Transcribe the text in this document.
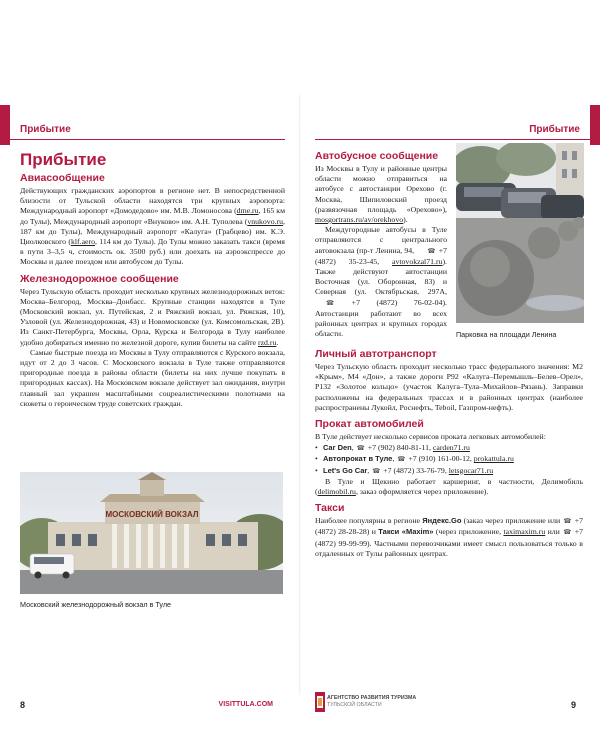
Прибытие
Прибытие
Авиасообщение

Действующих гражданских аэропортов в регионе нет. В непосредственной близости от Тульской области находятся три крупных аэропорта: Международный аэропорт «Домодедово» им. М.В. Ломоносова (dme.ru, 165 км до Тулы), Международный аэропорт «Внуково» им. А.Н. Туполева (vnukovo.ru, 187 км до Тулы), Международный аэропорт «Калуга» (Грабцево) им. К.Э. Циолковского (klf.aero, 114 км до Тулы). До Тулы можно заказать такси (время в пути 3–3,5 ч, стоимость ок. 3500 руб.) или доехать на аэроэкспрессе до Москвы и далее поездом или автобусом до Тулы.

Железнодорожное сообщение

Через Тульскую область проходит несколько крупных железнодорожных веток: Москва–Белгород, Москва–Донбасс. Крупные станции находятся в Туле (Московский вокзал, ул. Путейская, 2 и Ряжский вокзал, ул. Ряжская, 10), Узловой (ул. Железнодорожная, 43) и Новомосковске (ул. Комсомольская, 2В). Из Санкт-Петербурга, Москвы, Орла, Курска и Белгорода в Тулу наиболее удобно добираться именно по железной дороге, купив билеты на сайте rzd.ru.

Самые быстрые поезда из Москвы в Тулу отправляются с Курского вокзала, идут от 2 до 3 часов. С Московского вокзала в Туле также отправляются пригородные поезда в районы области (билеты на них лучше покупать в пригородных кассах). На Московском вокзале действует зал ожидания, внутри главный зал украшен масштабными соцреалистическими полотнами на сюжеты о героическом труде советских граждан.

МОСКОВСКИЙ ВОКЗАЛ
Московский железнодорожный вокзал в Туле
8	VISITTULA.COM
Прибытие
Автобусное сообщение

Из Москвы в Тулу и районные центры области можно отправиться на автобусе с автостанции Орехово (г. Москва, Шипиловский проезд (развязочная площадь «Орехово»), mosgortrans.ru/av/orekhovo).

Междугородные автобусы в Туле отправляются с центрального автовокзала (пр-т Ленина, 94, ☎ +7 (4872) 35-23-45, avtovokzal71.ru). Также действуют автостанции Восточная (ул. Оборонная, 83) и Северная (ул. Октябрьская, 297А, ☎ +7 (4872) 76-02-04). Автостанции работают во всех районных центрах и крупных городах области.	Парковка на площади Ленина
Личный автотранспорт

Через Тульскую область проходит несколько трасс федерального значения: М2 «Крым», М4 «Дон», а также дороги Р92 «Калуга–Перемышль–Белев–Орел», Р132 «Золотое кольцо» (участок Калуга–Тула–Михайлов–Рязань). Заправки расположены на федеральных трассах и в районных центрах (наиболее распространены Лукойл, Роснефть, Teboil, Газпром-нефть).

Прокат автомобилей

В Туле действует несколько сервисов проката легковых автомобилей:

• Car Den, ☎ +7 (902) 840-81-11, carden71.ru
• Автопрокат в Туле, ☎ +7 (910) 161-00-12, prokattula.ru
• Let's Go Car, ☎ +7 (4872) 33-76-79, letsgocar71.ru

В Туле и Щекино работает каршеринг, в частности, Делимобиль (delimobil.ru, заказ оформляется через приложение).

Такси

Наиболее популярны в регионе Яндекс.Go (заказ через приложение или ☎ +7 (4872) 28-28-28) и Такси «Maxim» (через приложение, taximaxim.ru или ☎ +7 (4872) 99-99-99). Частными перевозчиками имеет смысл пользоваться только в отдаленных от Тулы районных центрах.

АГЕНТСТВО РАЗВИТИЯ ТУРИЗМА
ТУЛЬСКОЙ ОБЛАСТИ	9
